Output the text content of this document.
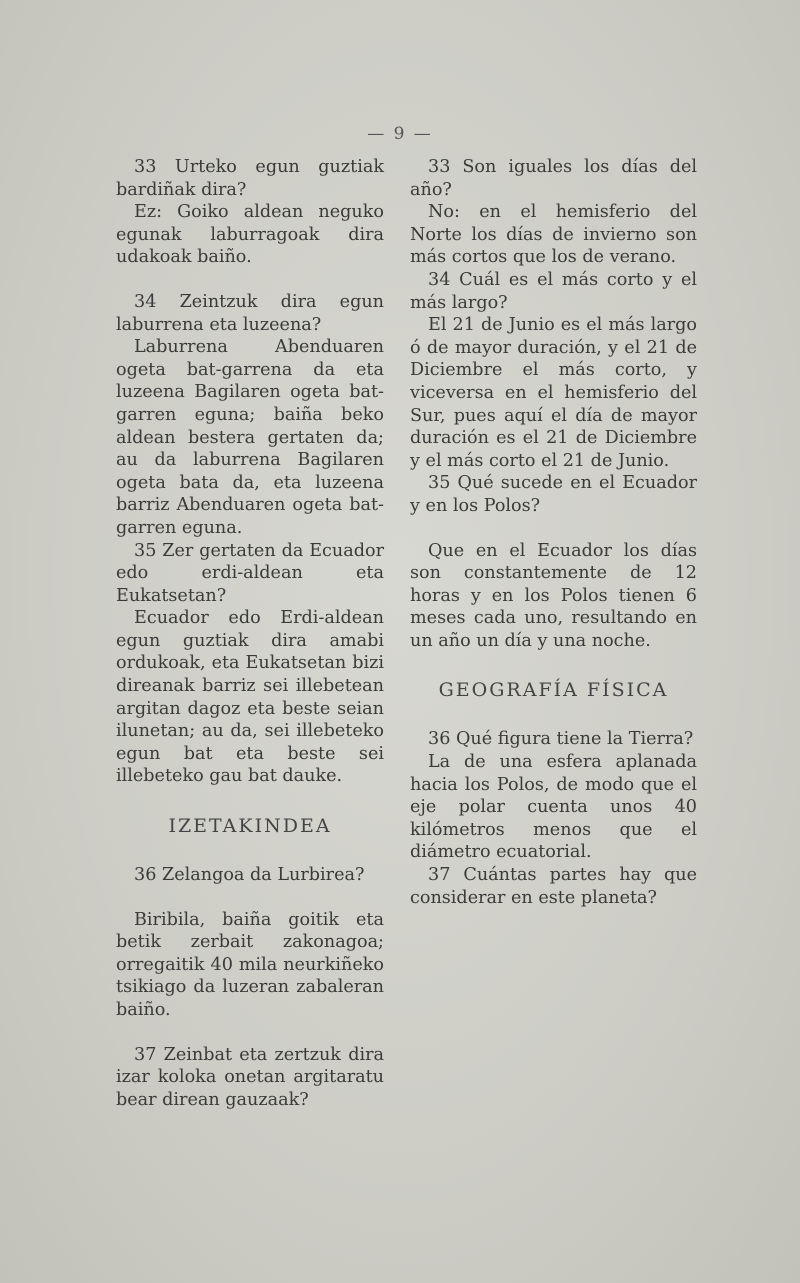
— 9 —

33 Urteko egun guztiak bardiñak dira?

Ez: Goiko aldean neguko egunak laburragoak dira udakoak baiño.

34 Zeintzuk dira egun laburrena eta luzeena?

Laburrena Abenduaren ogeta bat-garrena da eta luzeena Bagilaren ogeta bat-garren eguna; baiña beko aldean bestera gertaten da; au da laburrena Bagilaren ogeta bata da, eta luzeena barriz Abenduaren ogeta bat-garren eguna.

35 Zer gertaten da Ecuador edo erdi-aldean eta Eukatsetan?

Ecuador edo Erdi-aldean egun guztiak dira amabi ordukoak, eta Eukatsetan bizi direanak barriz sei illebetean argitan dagoz eta beste seian ilunetan; au da, sei illebeteko egun bat eta beste sei illebeteko gau bat dauke.

IZETAKINDEA

36 Zelangoa da Lurbirea?

Biribila, baiña goitik eta betik zerbait zakonagoa; orregaitik 40 mila neurkiñeko tsikiago da luzeran zabaleran baiño.

37 Zeinbat eta zertzuk dira izar koloka onetan argitaratu bear direan gauzaak?

33 Son iguales los días del año?

No: en el hemisferio del Norte los días de invierno son más cortos que los de verano.

34 Cuál es el más corto y el más largo?

El 21 de Junio es el más largo ó de mayor duración, y el 21 de Diciembre el más corto, y viceversa en el hemisferio del Sur, pues aquí el día de mayor duración es el 21 de Diciembre y el más corto el 21 de Junio.

35 Qué sucede en el Ecuador y en los Polos?

Que en el Ecuador los días son constantemente de 12 horas y en los Polos tienen 6 meses cada uno, resultando en un año un día y una noche.

GEOGRAFÍA FÍSICA

36 Qué figura tiene la Tierra?

La de una esfera aplanada hacia los Polos, de modo que el eje polar cuenta unos 40 kilómetros menos que el diámetro ecuatorial.

37 Cuántas partes hay que considerar en este planeta?
